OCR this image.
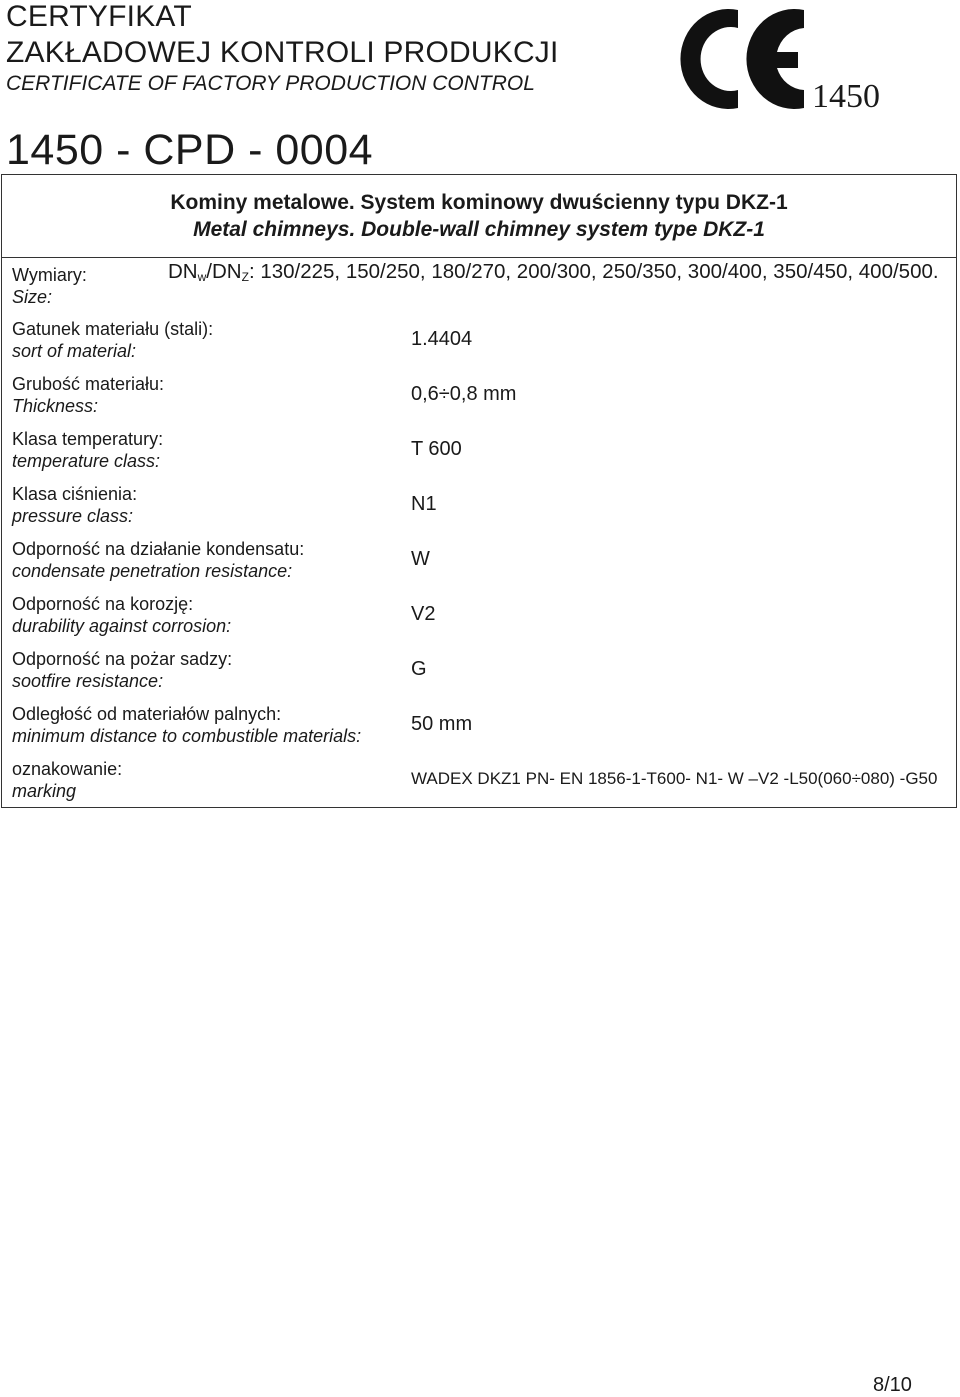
CERTYFIKAT
ZAKŁADOWEJ KONTROLI PRODUKCJI
CERTIFICATE OF FACTORY PRODUCTION CONTROL
1450 - CPD - 0004
1450
Kominy metalowe. System kominowy dwuścienny typu DKZ-1
Metal chimneys. Double-wall chimney system type DKZ-1
Wymiary:
Size:
$DN_w/DN_Z$: 130/225, 150/250, 180/270, 200/300, 250/350, 300/400, 350/450, 400/500.
Gatunek materiału (stali):
sort of material:
1.4404
Grubość materiału:
Thickness:
0,6÷0,8 mm
Klasa temperatury:
temperature class:
T 600
Klasa ciśnienia:
pressure class:
N1
Odporność na działanie kondensatu:
condensate penetration resistance:
W
Odporność na korozję:
durability against corrosion:
V2
Odporność na pożar sadzy:
sootfire resistance:
G
Odległość od materiałów palnych:
minimum distance to combustible materials:
50 mm
oznakowanie:
marking
WADEX DKZ1 PN- EN 1856-1-T600- N1- W –V2 -L50(060÷080) -G50
8/10
